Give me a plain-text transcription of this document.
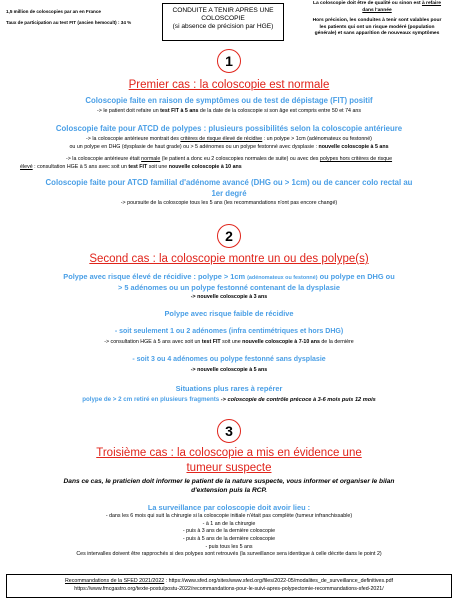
1,5 million de coloscopies par an en France

Taux de participation au test FIT (ancien hemocult) : 34 %

CONDUITE A TENIR APRES UNE
COLOSCOPIE
(si absence de précision par HGE)

La coloscopie doit être de qualité ou sinon est à refaire
dans l'année

Hors précision, les conduites à tenir sont valables pour
les patients qui ont un risque modéré (population
générale) et sans apparition de nouveaux symptômes

1
Premier cas : la coloscopie est normale
Coloscopie faite en raison de symptômes ou de test de dépistage (FIT) positif
-> le patient doit refaire un test FIT à 5 ans de la date de la coloscopie si son âge est compris entre 50 et 74 ans
Coloscopie faite pour ATCD de polypes : plusieurs possibilités selon la coloscopie antérieure
-> la coloscopie antérieure montrait des critères de risque élevé de récidive : un polype > 1cm (adénomateux ou festonné)
ou un polype en DHG (dysplasie de haut grade) ou > 5 adénomes ou un polype festonné avec dysplasie : nouvelle coloscopie à 5 ans
-> la coloscopie antérieure était normale (le patient a donc eu 2 coloscopies normales de suite) ou avec des polypes hors critères de risque
élevé : consultation HGE à 5 ans avec soit un test FIT soit une nouvelle coloscopie à 10 ans
Coloscopie faite pour ATCD familial d'adénome avancé (DHG ou > 1cm) ou de cancer colo rectal au
1er degré
-> poursuite de la coloscopie tous les 5 ans (les recommandations n'ont pas encore changé)
2
Second cas : la coloscopie montre un ou des polype(s)
Polype avec risque élevé de récidive : polype > 1cm (adénomateux ou festonné) ou polype en DHG ou
> 5 adénomes ou un polype festonné contenant de la dysplasie
-> nouvelle coloscopie à 3 ans
Polype avec risque faible de récidive
- soit seulement 1 ou 2 adénomes (infra centimétriques et hors DHG)
-> consultation HGE à 5 ans avec soit un test FIT soit une nouvelle coloscopie à 7-10 ans de la dernière
- soit 3 ou 4 adénomes ou polype festonné sans dysplasie
-> nouvelle coloscopie à 5 ans
Situations plus rares à repérer
polype de > 2 cm retiré en plusieurs fragments -> coloscopie de contrôle précoce à 3-6 mois puis 12 mois
3
Troisième cas : la coloscopie a mis en évidence une
tumeur suspecte
Dans ce cas, le praticien doit informer le patient de la nature suspecte, vous informer et organiser le bilan
d'extension puis la RCP.
La surveillance par coloscopie doit avoir lieu :
- dans les 6 mois qui suit la chirurgie si la coloscopie initiale n'était pas complète (tumeur infranchissable)
- à 1 an de la chirurgie
- puis à 3 ans de la dernière coloscopie
- puis à 5 ans de la dernière coloscopie
- puis tous les 5 ans
Ces intervalles doivent être rapprochés si des polypes sont retrouvés (la surveillance sera identique à celle décrite dans le point 2)
Recommandations de la SFED 2021/2022 : https://www.sfed.org/sites/www.sfed.org/files/2022-05/modalites_de_surveillance_definitives.pdf
https://www.fmcgastro.org/texte-postu/postu-2022/recommandations-pour-le-suivi-apres-polypectomie-recommandations-sfed-2021/
